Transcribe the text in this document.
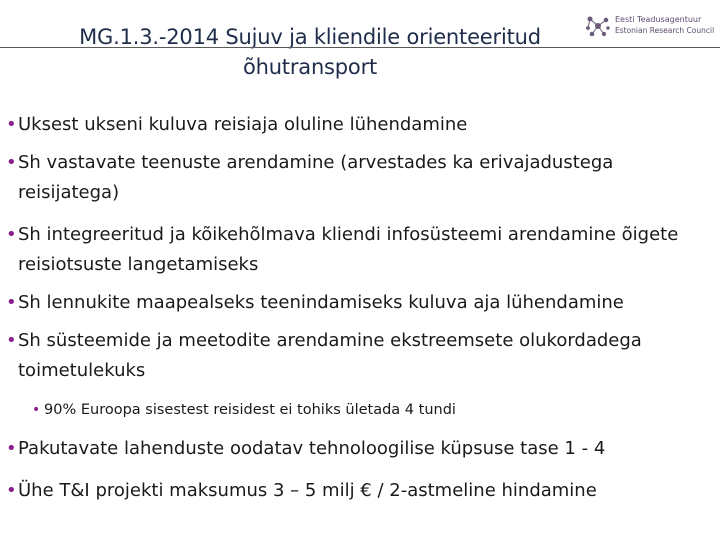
MG.1.3.-2014 Sujuv ja kliendile orienteeritud
õhutransport
Eesti Teadusagentuur
Estonian Research Council
• Uksest ukseni kuluva reisiaja oluline lühendamine
• Sh vastavate teenuste arendamine (arvestades ka erivajadustega reisijatega)
• Sh integreeritud ja kõikehõlmava kliendi infosüsteemi arendamine õigete reisiotsuste langetamiseks
• Sh lennukite maapealseks teenindamiseks kuluva aja lühendamine
• Sh süsteemide ja meetodite arendamine ekstreemsete olukordadega toimetulekuks
• 90% Euroopa sisestest reisidest ei tohiks ületada 4 tundi
• Pakutavate lahenduste oodatav tehnoloogilise küpsuse tase 1 - 4
• Ühe T&I projekti maksumus 3 – 5 milj € / 2-astmeline hindamine
